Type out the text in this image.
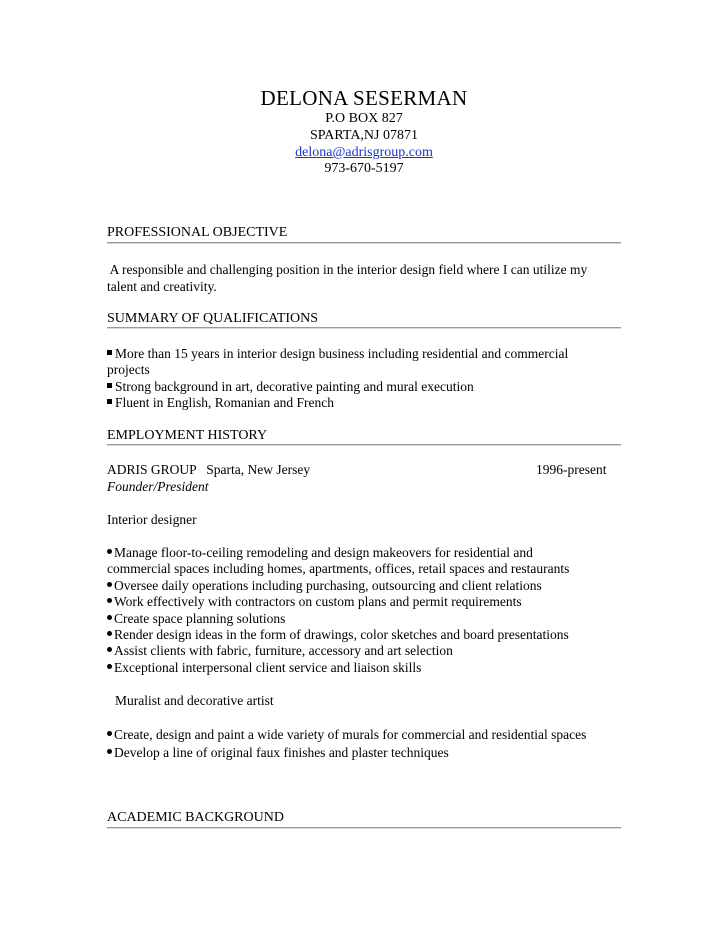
DELONA SESERMAN
P.O BOX 827
SPARTA,NJ 07871
delona@adrisgroup.com
973-670-5197
PROFESSIONAL OBJECTIVE
A responsible and challenging position in the interior design field where I can utilize my
talent and creativity.
SUMMARY OF QUALIFICATIONS
More than 15 years in interior design business including residential and commercial
projects
Strong background in art, decorative painting and mural execution
Fluent in English, Romanian and French
EMPLOYMENT HISTORY
ADRIS GROUP   Sparta, New Jersey	1996-present
Founder/President
Interior designer
Manage floor-to-ceiling remodeling and design makeovers for residential and
commercial spaces including homes, apartments, offices, retail spaces and restaurants
Oversee daily operations including purchasing, outsourcing and client relations
Work effectively with contractors on custom plans and permit requirements
Create space planning solutions
Render design ideas in the form of drawings, color sketches and board presentations
Assist clients with fabric, furniture, accessory and art selection
Exceptional interpersonal client service and liaison skills
Muralist and decorative artist
Create, design and paint a wide variety of murals for commercial and residential spaces
Develop a line of original faux finishes and plaster techniques
ACADEMIC BACKGROUND
